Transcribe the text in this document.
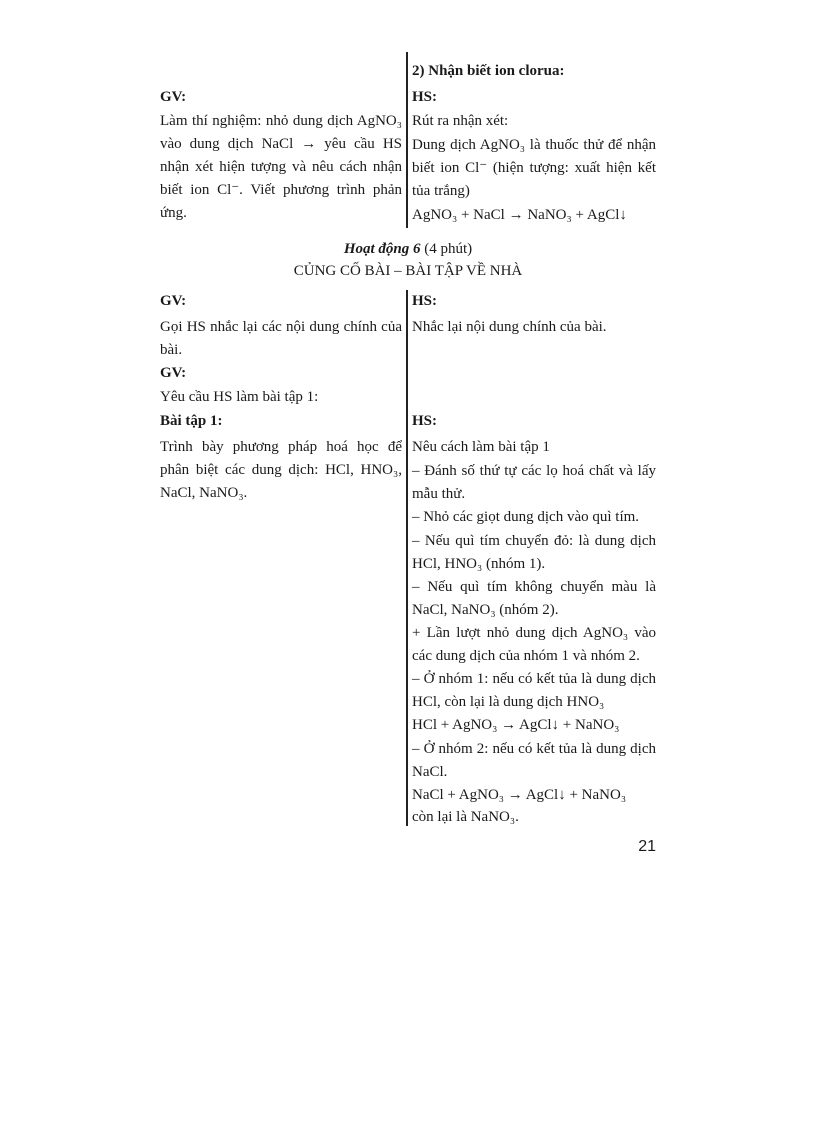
2) Nhận biết ion clorua:
GV:	HS:
Làm thí nghiệm: nhỏ dung dịch AgNO₃ vào dung dịch NaCl → yêu cầu HS nhận xét hiện tượng và nêu cách nhận biết ion Cl⁻. Viết phương trình phản ứng.
Rút ra nhận xét:
Dung dịch AgNO₃ là thuốc thử để nhận biết ion Cl⁻ (hiện tượng: xuất hiện kết tủa trắng)
AgNO₃ + NaCl → NaNO₃ + AgCl↓
Hoạt động 6 (4 phút)
CỦNG CỐ BÀI – BÀI TẬP VỀ NHÀ
GV:	HS:
Gọi HS nhắc lại các nội dung chính của bài.
Nhắc lại nội dung chính của bài.
GV:
Yêu cầu HS làm bài tập 1:
Bài tập 1:	HS:
Trình bày phương pháp hoá học để phân biệt các dung dịch: HCl, HNO₃, NaCl, NaNO₃.
Nêu cách làm bài tập 1
– Đánh số thứ tự các lọ hoá chất và lấy mẫu thử.
– Nhỏ các giọt dung dịch vào quì tím.
– Nếu quì tím chuyển đỏ: là dung dịch HCl, HNO₃ (nhóm 1).
– Nếu quì tím không chuyển màu là NaCl, NaNO₃ (nhóm 2).
+ Lần lượt nhỏ dung dịch AgNO₃ vào các dung dịch của nhóm 1 và nhóm 2.
– Ở nhóm 1: nếu có kết tủa là dung dịch HCl, còn lại là dung dịch HNO₃
HCl + AgNO₃ → AgCl↓ + NaNO₃
– Ở nhóm 2: nếu có kết tủa là dung dịch NaCl.
NaCl + AgNO₃ → AgCl↓ + NaNO₃
còn lại là NaNO₃.
21
